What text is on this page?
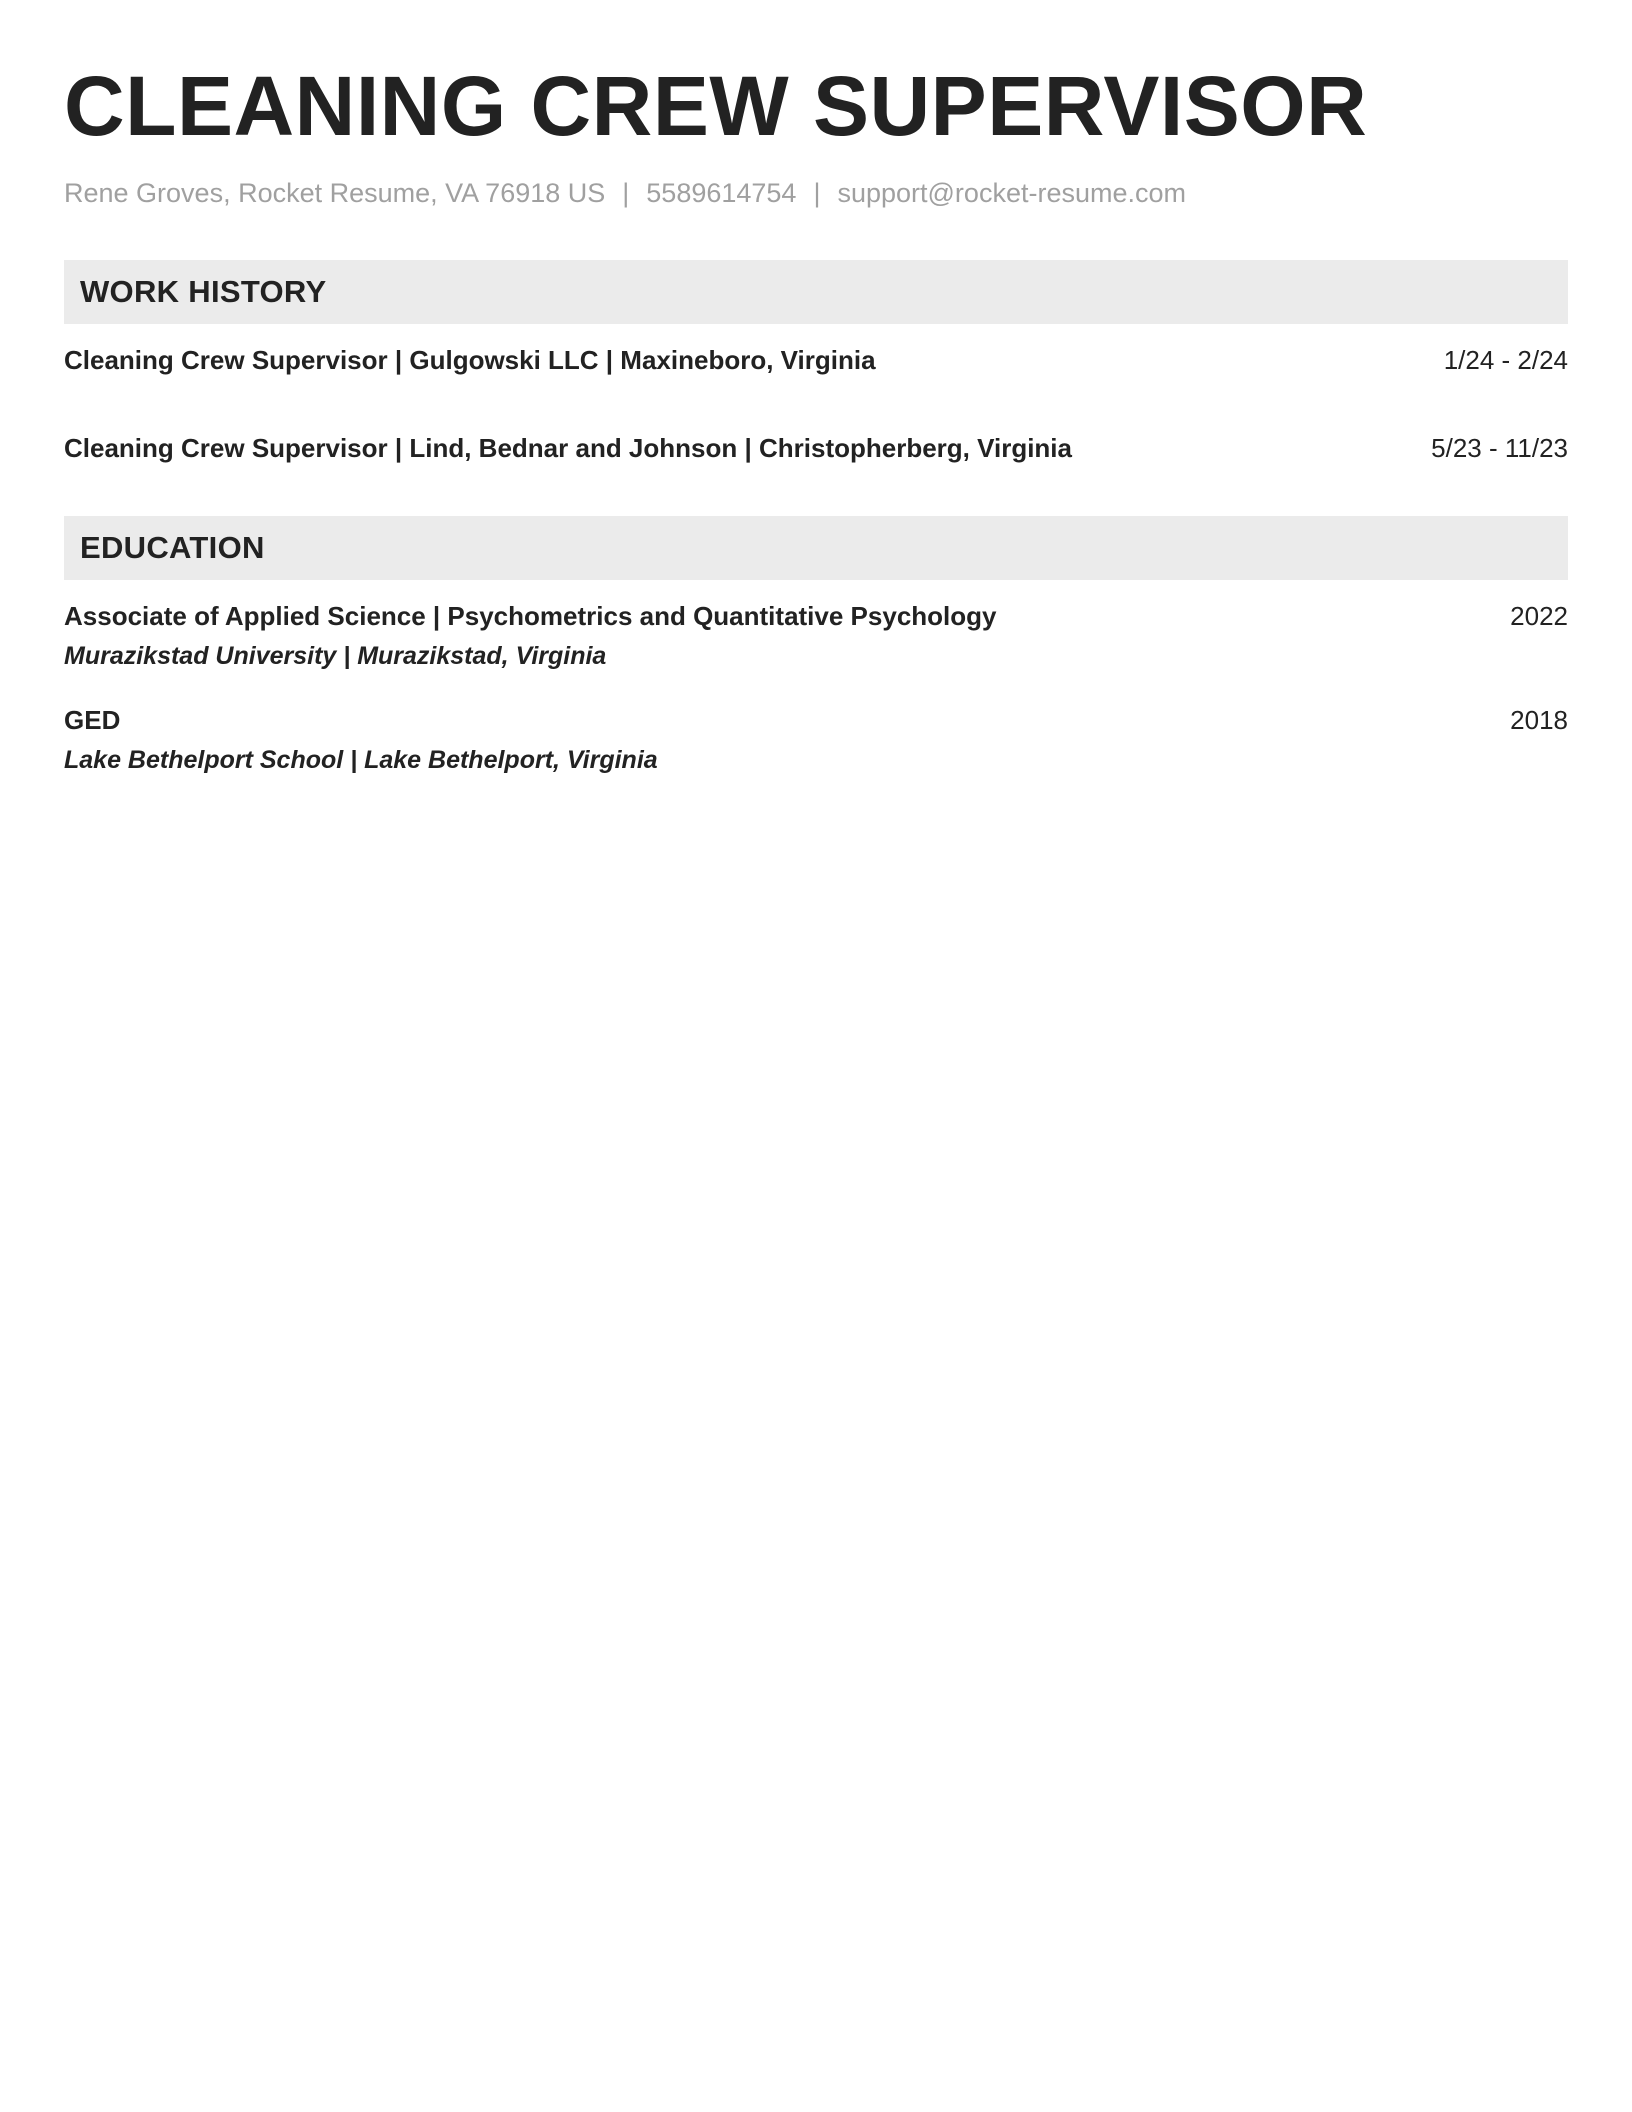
CLEANING CREW SUPERVISOR
Rene Groves, Rocket Resume, VA 76918 US | 5589614754 | support@rocket-resume.com
WORK HISTORY
Cleaning Crew Supervisor | Gulgowski LLC | Maxineboro, Virginia	1/24 - 2/24
Cleaning Crew Supervisor | Lind, Bednar and Johnson | Christopherberg, Virginia	5/23 - 11/23
EDUCATION
Associate of Applied Science | Psychometrics and Quantitative Psychology	2022
Murazikstad University | Murazikstad, Virginia
GED	2018
Lake Bethelport School | Lake Bethelport, Virginia
